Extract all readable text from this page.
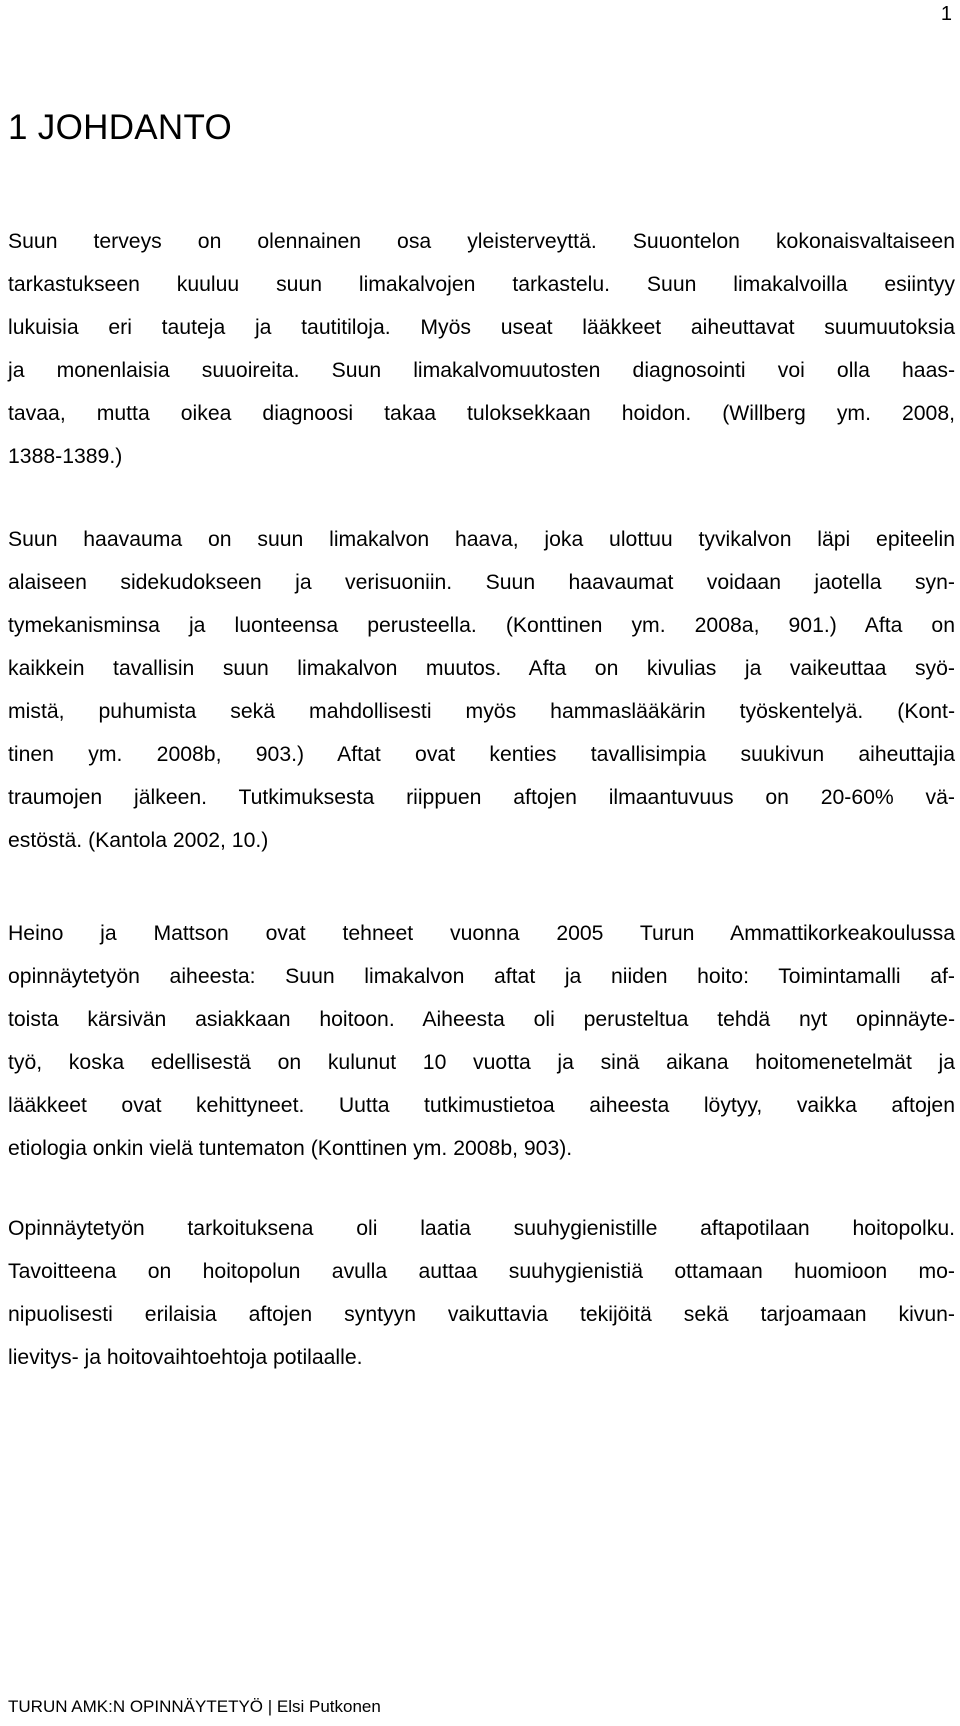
1
1 JOHDANTO

Suun terveys on olennainen osa yleisterveyttä. Suuontelon kokonaisvaltaiseen
tarkastukseen kuuluu suun limakalvojen tarkastelu. Suun limakalvoilla esiintyy
lukuisia eri tauteja ja tautitiloja. Myös useat lääkkeet aiheuttavat suumuutoksia
ja monenlaisia suuoireita. Suun limakalvomuutosten diagnosointi voi olla haas-
tavaa, mutta oikea diagnoosi takaa tuloksekkaan hoidon. (Willberg ym. 2008,
1388-1389.)

Suun haavauma on suun limakalvon haava, joka ulottuu tyvikalvon läpi epiteelin
alaiseen sidekudokseen ja verisuoniin. Suun haavaumat voidaan jaotella syn-
tymekanisminsa ja luonteensa perusteella. (Konttinen ym. 2008a, 901.) Afta on
kaikkein tavallisin suun limakalvon muutos. Afta on kivulias ja vaikeuttaa syö-
mistä, puhumista sekä mahdollisesti myös hammaslääkärin työskentelyä. (Kont-
tinen ym. 2008b, 903.) Aftat ovat kenties tavallisimpia suukivun aiheuttajia
traumojen jälkeen. Tutkimuksesta riippuen aftojen ilmaantuvuus on 20-60% vä-
estöstä. (Kantola 2002, 10.)

Heino ja Mattson ovat tehneet vuonna 2005 Turun Ammattikorkeakoulussa
opinnäytetyön aiheesta: Suun limakalvon aftat ja niiden hoito: Toimintamalli af-
toista kärsivän asiakkaan hoitoon. Aiheesta oli perusteltua tehdä nyt opinnäyte-
työ, koska edellisestä on kulunut 10 vuotta ja sinä aikana hoitomenetelmät ja
lääkkeet ovat kehittyneet. Uutta tutkimustietoa aiheesta löytyy, vaikka aftojen
etiologia onkin vielä tuntematon (Konttinen ym. 2008b, 903).

Opinnäytetyön tarkoituksena oli laatia suuhygienistille aftapotilaan hoitopolku.
Tavoitteena on hoitopolun avulla auttaa suuhygienistiä ottamaan huomioon mo-
nipuolisesti erilaisia aftojen syntyyn vaikuttavia tekijöitä sekä tarjoamaan kivun-
lievitys- ja hoitovaihtoehtoja potilaalle.

TURUN AMK:N OPINNÄYTETYÖ | Elsi Putkonen
